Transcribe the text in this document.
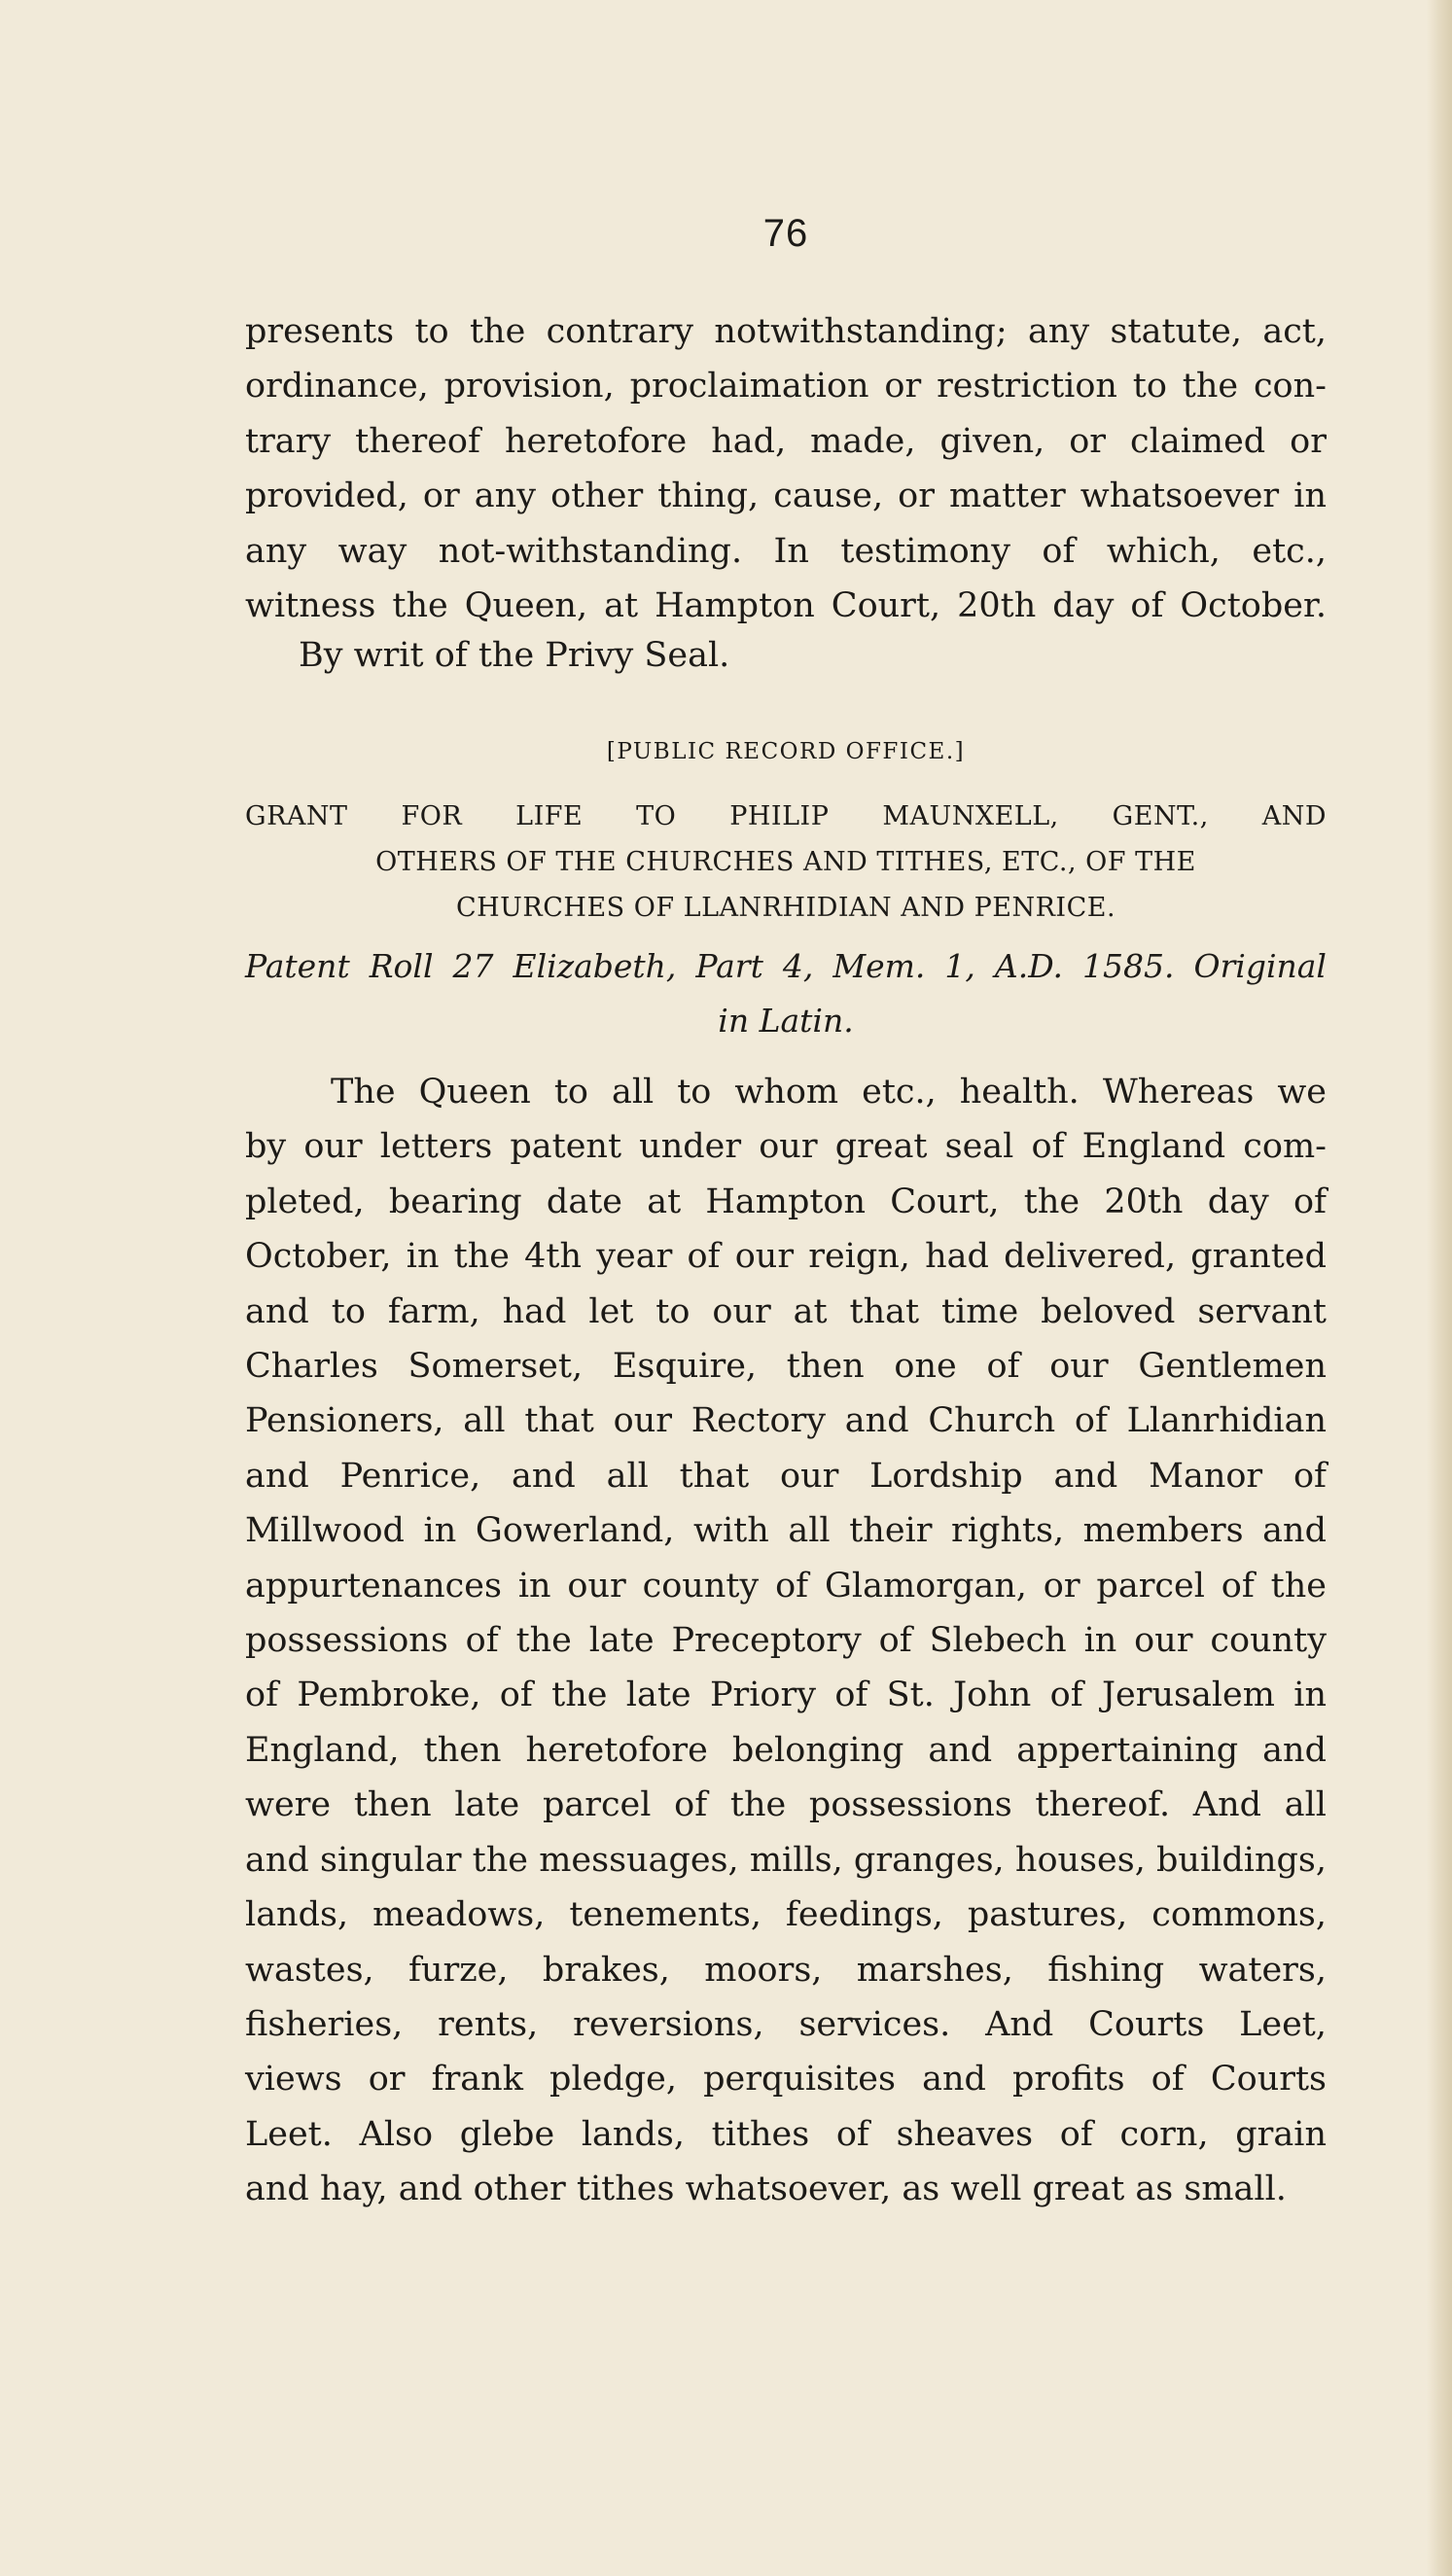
76
presents to the contrary notwithstanding; any statute, act,
ordinance, provision, proclaimation or restriction to the con-
trary thereof heretofore had, made, given, or claimed or
provided, or any other thing, cause, or matter whatsoever in
any way not-withstanding. In testimony of which, etc.,
witness the Queen, at Hampton Court, 20th day of October.
By writ of the Privy Seal.
[PUBLIC RECORD OFFICE.]
GRANT FOR LIFE TO PHILIP MAUNXELL, GENT., AND
OTHERS OF THE CHURCHES AND TITHES, ETC., OF THE
CHURCHES OF LLANRHIDIAN AND PENRICE.
Patent Roll 27 Elizabeth, Part 4, Mem. 1, A.D. 1585. Original
in Latin.
The Queen to all to whom etc., health. Whereas we
by our letters patent under our great seal of England com-
pleted, bearing date at Hampton Court, the 20th day of
October, in the 4th year of our reign, had delivered, granted
and to farm, had let to our at that time beloved servant
Charles Somerset, Esquire, then one of our Gentlemen
Pensioners, all that our Rectory and Church of Llanrhidian
and Penrice, and all that our Lordship and Manor of
Millwood in Gowerland, with all their rights, members and
appurtenances in our county of Glamorgan, or parcel of the
possessions of the late Preceptory of Slebech in our county
of Pembroke, of the late Priory of St. John of Jerusalem in
England, then heretofore belonging and appertaining and
were then late parcel of the possessions thereof. And all
and singular the messuages, mills, granges, houses, buildings,
lands, meadows, tenements, feedings, pastures, commons,
wastes, furze, brakes, moors, marshes, fishing waters,
fisheries, rents, reversions, services. And Courts Leet,
views or frank pledge, perquisites and profits of Courts
Leet. Also glebe lands, tithes of sheaves of corn, grain
and hay, and other tithes whatsoever, as well great as small.
